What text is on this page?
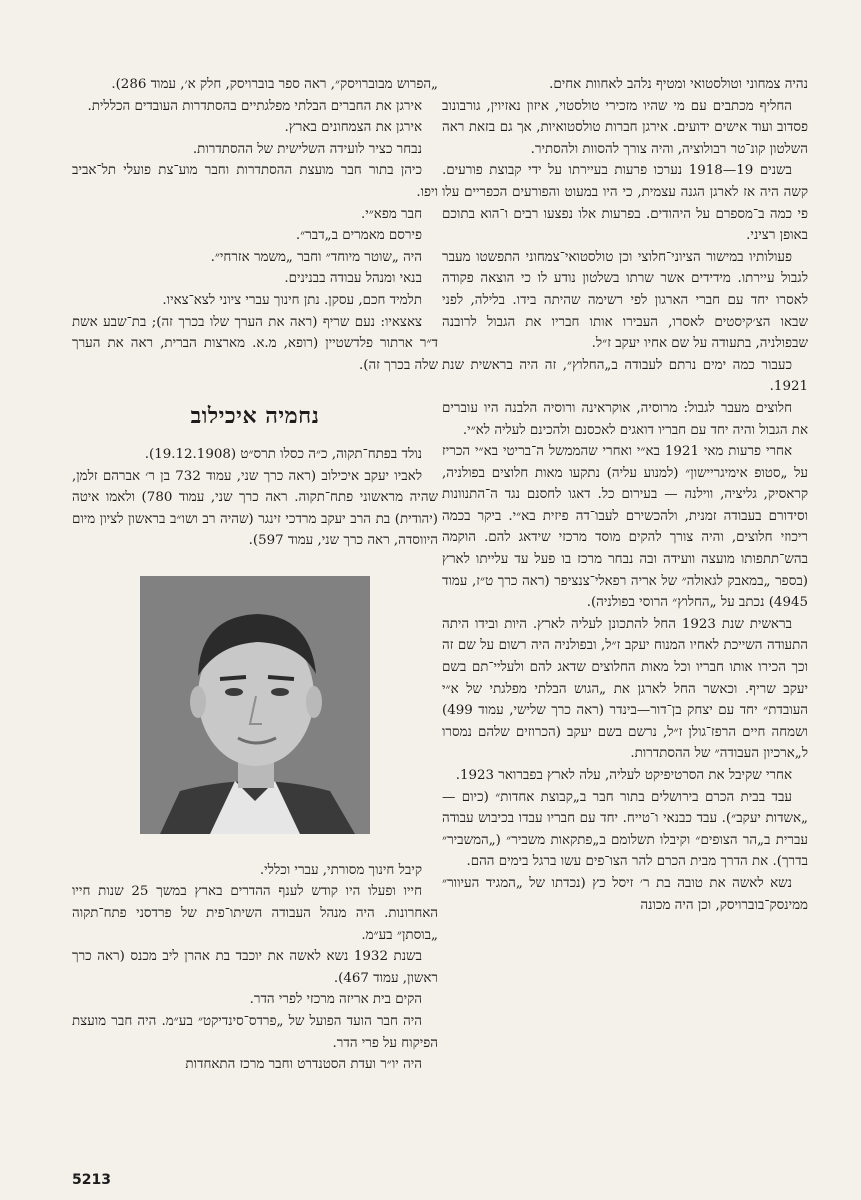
נהיה צמחוני וטולסטואי ומטיף נלהב לאחוות אחים.

החליף מכתבים עם מי שהיו מזכירי טולסטוי, איזון נאזיוין, גורבונוב פסדוב ועוד אישים ידועים. אירגן חברות טולסטואיות, אך גם בזאת ראה השלטון קונ־טר רבולוציה, והיה צורך להסוות ולהסתיר.

בשנים 19—1918 נערכו פרעות בעיירתו על ידי קבוצת פורעים. קשה היה אז לארגן הגנה עצמית, כי היו במעוט והפורעים הכפריים עלו פי כמה ב־מספרם על היהודים. בפרעות אלו נפצעו רבים ו־הוא בתוכם באופן רציני.

פעולותיו במישור הציוני־חלוצי וכן טולסטואי־צמחוני התפשטו מעבר לגבול עיירתו. מידידים אשר שרתו בשלטון נודע לו כי הוצאה פקודה לאסרו יחד עם חברי הארגון לפי רשימה שהיתה בידו. בלילה, לפני שבאו הצ׳קיסטים לאסרו, העבירו אותו חבריו את הגבול לרובנה שבפולניה, בתעודה על שם אחיו יעקב ז״ל.

כעבור כמה ימים נרתם לעבודה ב„החלוץ״, זה היה בראשית שנת 1921.

חלוצים מעבר לגבול: מרוסיה, אוקראינה ורוסיה הלבנה היו עוברים את הגבול והיה יחד עם חבריו דואגים לאכסנם ולהכינם לעליה לא״י.

אחרי פרעות מאי 1921 בא״י ואחרי שהממשל ה־בריטי בא״י הכריז על „סטופ אימיגריישון״ (למנוע עליה) נתקעו מאות חלוצים בפולניה, קראסיק, גליציה, ווילנה — בעירום כל. דאגו לחסנם נגד ה־התנוונות וסידורם בעבודה זמנית, ולהכשירם לעבו־דה פיזית בא״י. ביקר בכמה ריכוזי חלוצים, והיה צורך להקים מוסד מרכזי שידאג להם. הוקמה בהש־תתפותו מועצה וועידה ובה נבחר מרכז בו פעל עד עלייתו לארץ (בספר „במאבק לגאולה״ של אריה רפאלי־צנציפר (ראה כרך ט״ז, עמוד 4945) נכתב על „החלוץ״ הרוסי בפולניה).

בראשית שנת 1923 החל להתכונן לעליה לארץ. היות ובידו היתה התעודה השייכת לאחיו המנוח יעקב ז״ל, ובפולניה היה רשום על שם זה וכך הכירו אותו חבריו וכל מאות החלוצים שדאג להם ולעליי־תם בשם יעקב שריף. וכאשר החל לארגן את „הגוש הבלתי מפלגתי של א״י העובדת״ יחד עם יצחק בן־דור—בינדר (ראה כרך שלישי, עמוד 499) ושמחה חיים הרפז־גולן ז״ל, נרשם בשם יעקב (הכרוזים שלהם נמסרו ל„ארכיון העבודה״ של ההסתדרות.

אחרי שקיבל את הסרטיפיקט לעליה, עלה לארץ בפברואר 1923.

עבד בבית הכרם בירושלים בתור חבר ב„קבוצת אחדות״ (כיום — „אשדות יעקב״). עבד כבנאי ו־טייח. יחד עם חבריו עבדו בכיבוש עבודה עברית ב„הר הצופים״ וקיבלו תשלומם ב„פתקאות משביר״ („המשביר״ בדרך). את הדרך מבית הכרם להר הצו־פים עשו ברגל בימים ההם.

נשא לאשה את טובה בת ר׳ זיסל כץ (נכדתו של „המגיד העיוור״ ממינסק־בוברויסק, וכן היה מכונה

„הפרוש מבוברויסק״, ראה ספר בוברויסק, חלק א׳, עמוד 286).

אירגן את החברים הבלתי מפלגתיים בהסתדרות העובדים הכללית.

אירגן את הצמחונים בארץ.

נבחר כציר לועידה השלישית של ההסתדרות.

כיהן בתור חבר מועצת ההסתדרות וחבר מוע־צת פועלי תל־אביב ויפו.

חבר מפא״י.

פירסם מאמרים ב„דבר״.

היה „שוטר מיוחד״ וחבר „משמר אזרחי״.

בנאי ומנהל עבודה בבנינים.

תלמיד חכם, עסקן. נתן חינוך עברי ציוני לצא־צאיו.

צאצאיו: נעם שריף (ראה את הערך שלו בכרך זה); בת־שבע אשת ד״ר ארתור פלדשטיין (רופא, מ.א. מארצות הברית, ראה את הערך שלה בכרך זה).

נחמיה איכילוב

נולד בפתח־תקוה, כ״ה כסלו תרס״ט (19.12.1908).

לאביו יעקב איכילוב (ראה כרך שני, עמוד 732 בן ר׳ אברהם זלמן, שהיה מראשוני פתח־תקוה. ראה כרך שני, עמוד 780) ולאמו איטה (יהודית) בת הרב יעקב מרדכי זינגר (שהיה רב ושו״ב בראשון לציון מיום היווסדה, ראה כרך שני, עמוד 597).

קיבל חינוך מסורתי, עברי וכללי.

חייו ופעלו היו קודש לענף ההדרים בארץ במשך 25 שנות חייו האחרונות. היה מנהל העבודה השיתו־פית של פרדסני פתח־תקוה „בוסתן״ בע״מ.

בשנת 1932 נשא לאשה את יוכבד בת אהרן ליב מכנס (ראה כרך ראשון, עמוד 467).

הקים בית אריזה מרכזי לפרי הדר.

היה חבר הועד הפועל של „פרדס־סינדיקט״ בע״מ. היה חבר מועצת הפיקוח על פרי הדר.

היה יו״ר ועדת הסטנדרט וחבר מרכז התאחדות

5213
